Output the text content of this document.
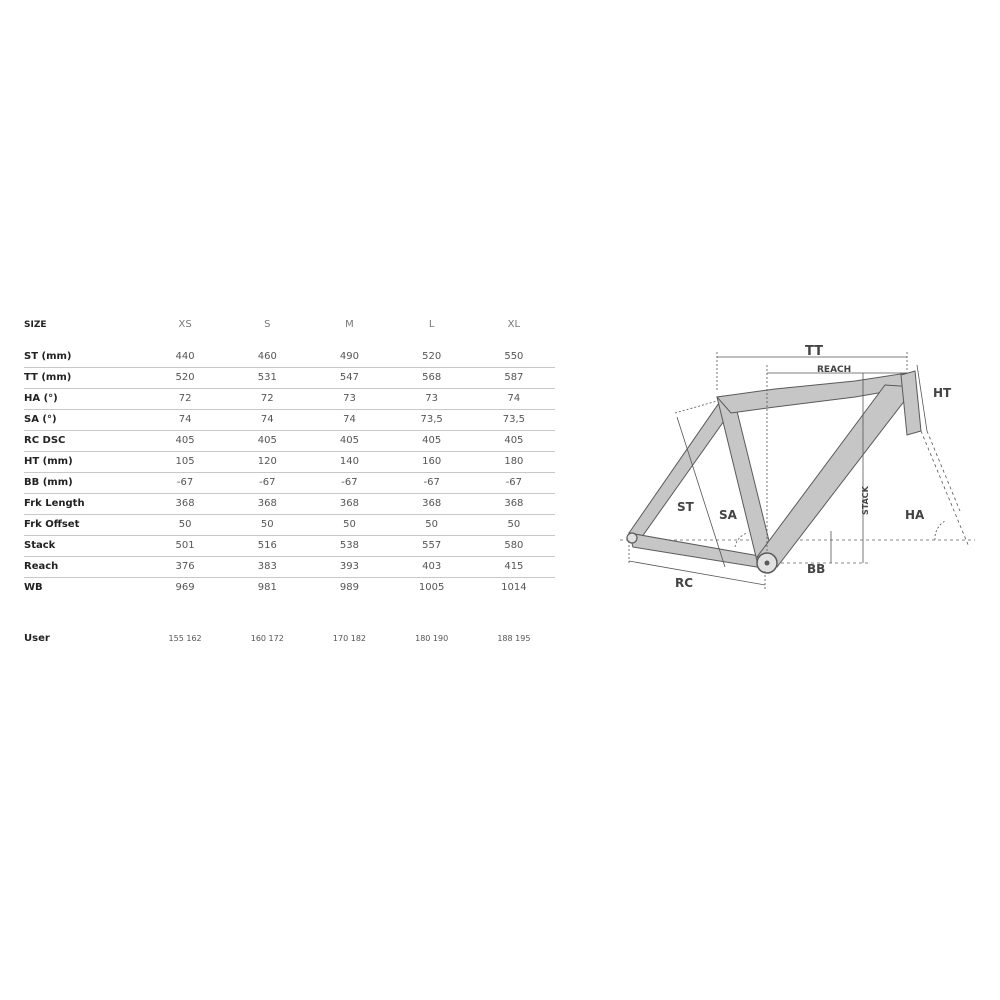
SIZE	XS	S	M	L	XL

ST (mm)	440	460	490	520	550
TT (mm)	520	531	547	568	587
HA (°)	72	72	73	73	74
SA (°)	74	74	74	73,5	73,5
RC DSC	405	405	405	405	405
HT (mm)	105	120	140	160	180
BB (mm)	-67	-67	-67	-67	-67
Frk Length	368	368	368	368	368
Frk Offset	50	50	50	50	50
Stack	501	516	538	557	580
Reach	376	383	393	403	415
WB	969	981	989	1005	1014

User	155 162	160 172	170 182	180 190	188 195
TT
REACH
HT
ST
SA	STACK	HA
BB
RC
